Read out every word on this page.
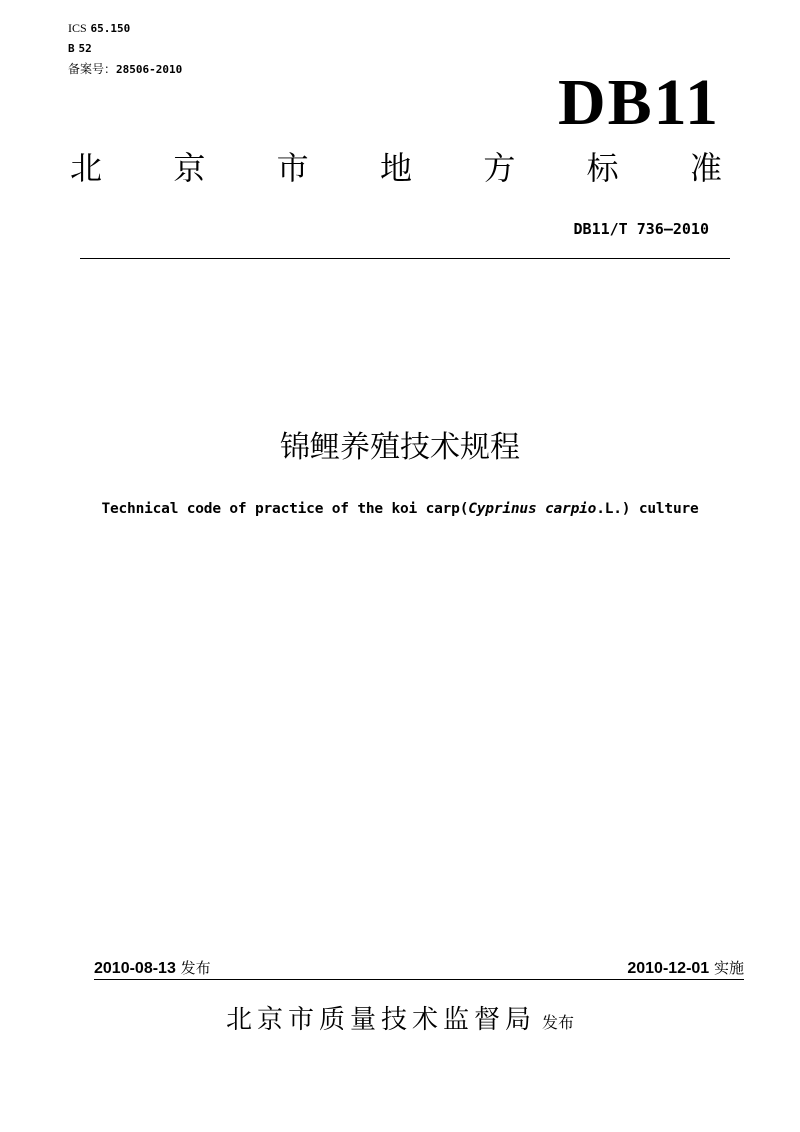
ICS 65.150
B 52
备案号：28506-2010	DB11
北 京 市 地 方 标 准
DB11/T 736—2010
锦鲤养殖技术规程
Technical code of practice of the koi carp(Cyprinus carpio.L.) culture
2010-08-13 发布	2010-12-01 实施
北京市质量技术监督局 发布
